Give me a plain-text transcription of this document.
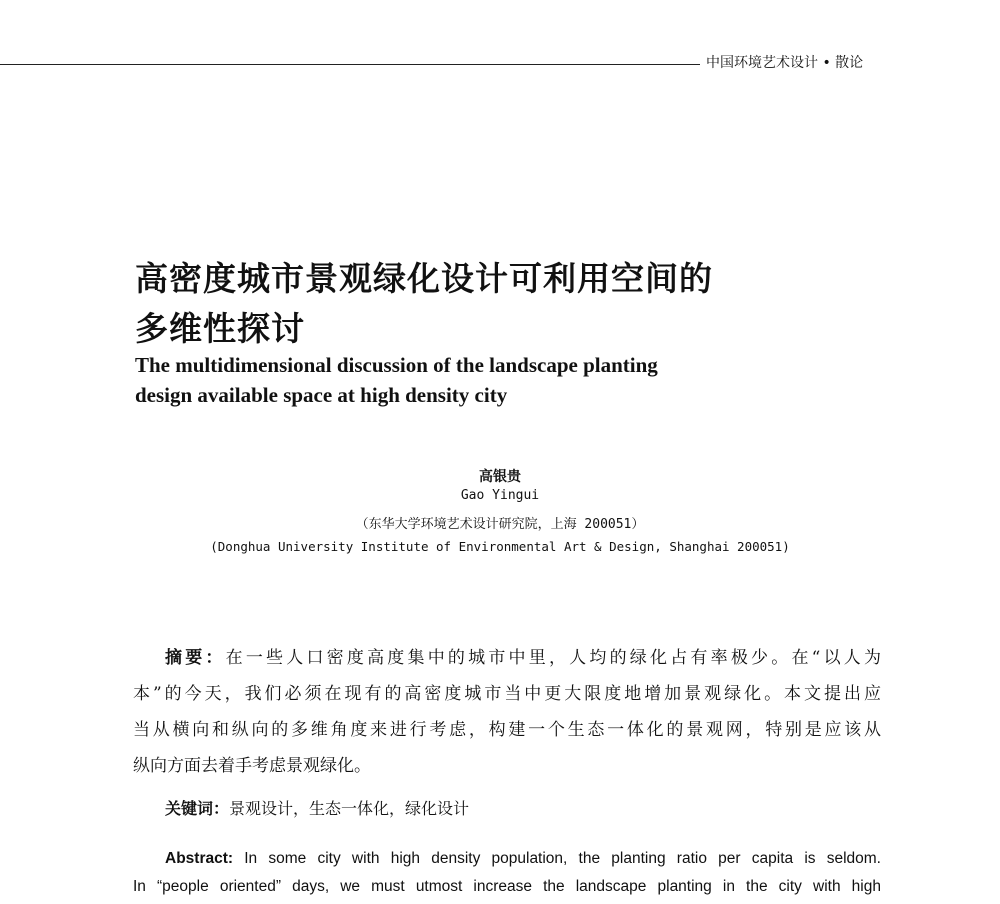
中国环境艺术设计 • 散论
高密度城市景观绿化设计可利用空间的
多维性探讨
The multidimensional discussion of the landscape planting
design available space at high density city
高银贵
Gao Yingui
（东华大学环境艺术设计研究院，上海 200051）
(Donghua University Institute of Environmental Art & Design, Shanghai 200051)
摘要：在一些人口密度高度集中的城市中里，人均的绿化占有率极少。在“以人为
本”的今天，我们必须在现有的高密度城市当中更大限度地增加景观绿化。本文提出应
当从横向和纵向的多维角度来进行考虑，构建一个生态一体化的景观网，特别是应该从
纵向方面去着手考虑景观绿化。
关键词：景观设计，生态一体化，绿化设计
Abstract: In some city with high density population, the planting ratio per capita is seldom.
In “people oriented” days, we must utmost increase the landscape planting in the city with high
